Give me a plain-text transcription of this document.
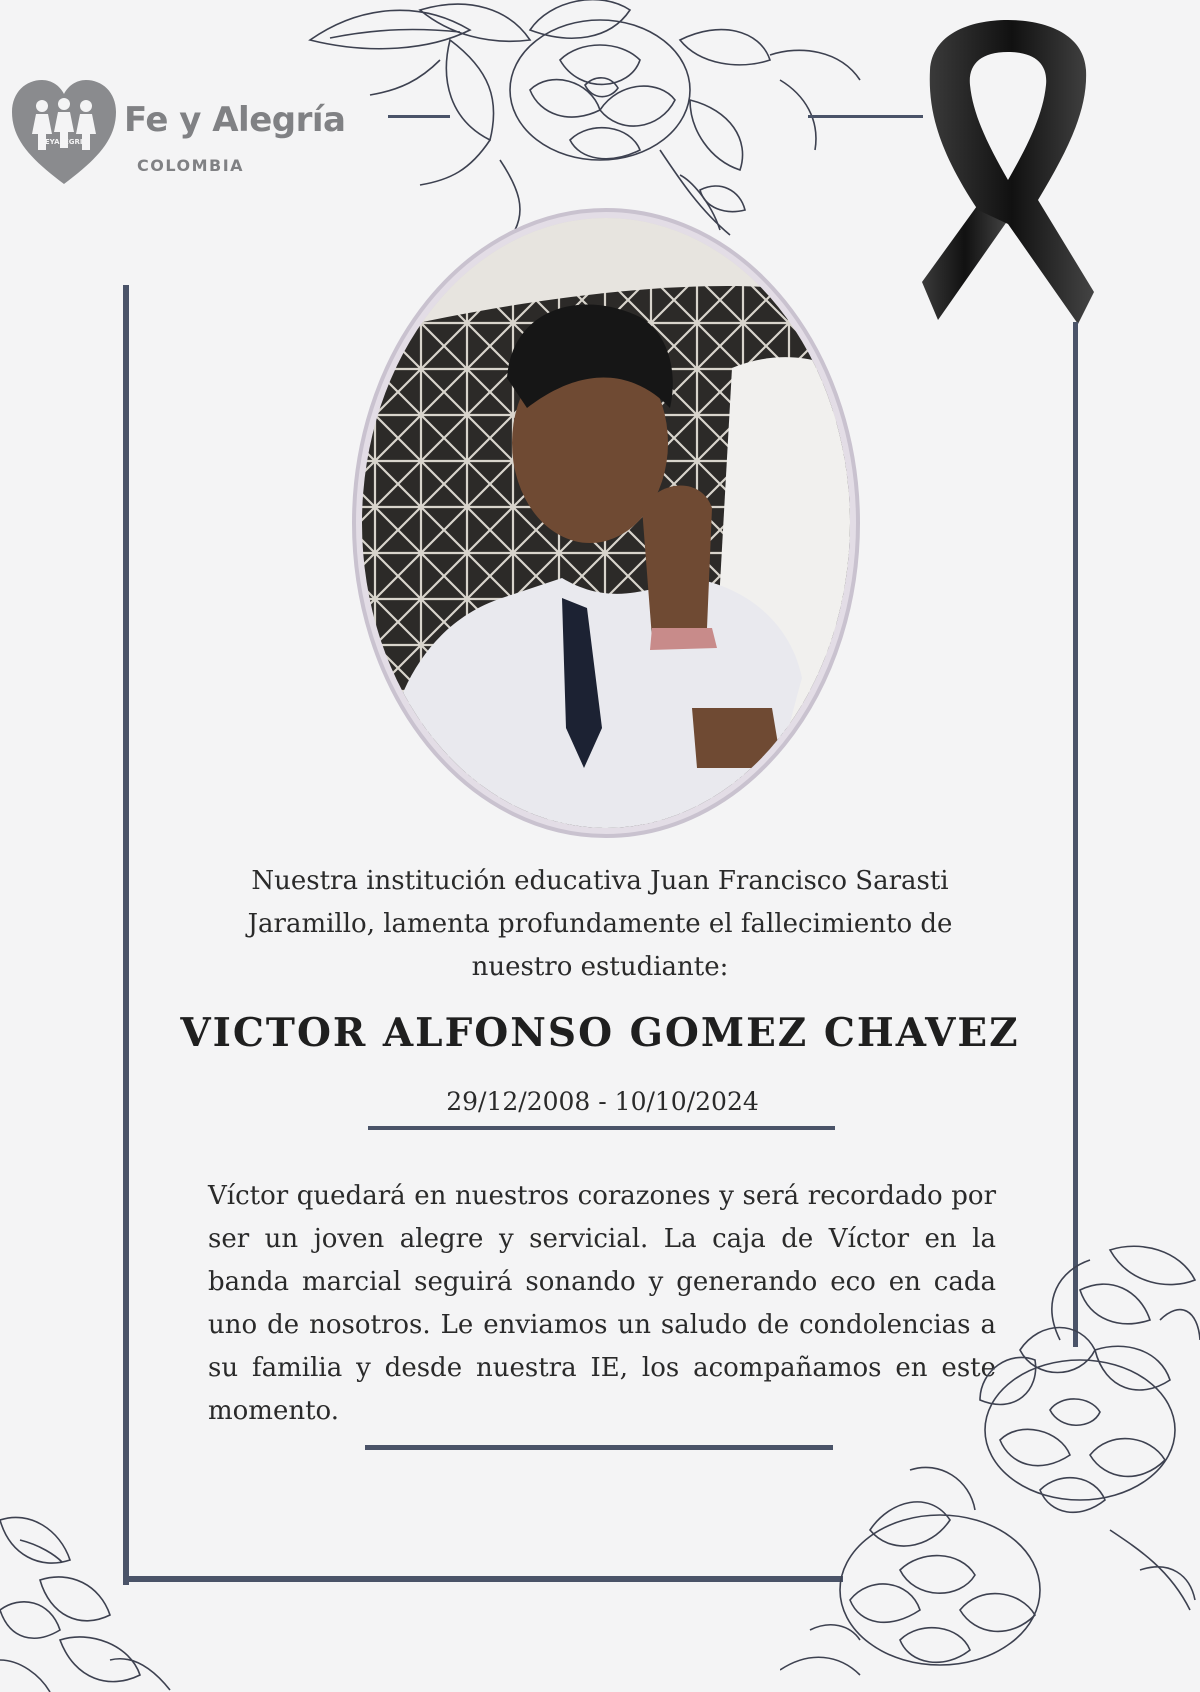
FEYALEGRIA
Fe y Alegría
COLOMBIA
Nuestra institución educativa Juan Francisco Sarasti Jaramillo, lamenta profundamente el fallecimiento de nuestro estudiante:
VICTOR ALFONSO GOMEZ CHAVEZ
29/12/2008 - 10/10/2024
Víctor quedará en nuestros corazones y será recordado por ser un joven alegre y servicial. La caja de Víctor en la banda marcial seguirá sonando y generando eco en cada uno de nosotros. Le enviamos un saludo de condolencias a su familia y desde nuestra IE, los acompañamos en este momento.
